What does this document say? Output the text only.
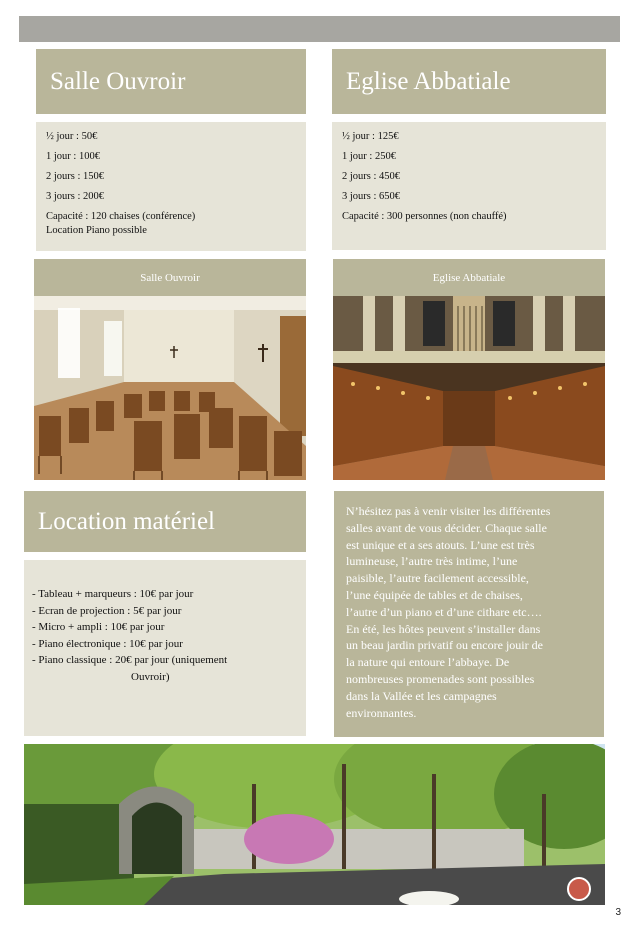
Salle Ouvroir

½ jour : 50€

1 jour : 100€

2 jours : 150€

3 jours : 200€

Capacité : 120 chaises (conférence)

Location Piano possible

Eglise Abbatiale

½ jour : 125€

1 jour : 250€

2 jours : 450€

3 jours : 650€

Capacité : 300 personnes (non chauffé)

Salle Ouvroir	Eglise Abbatiale
Location matériel
- Tableau + marqueurs : 10€ par jour
- Ecran de projection : 5€ par jour
- Micro + ampli : 10€ par jour
- Piano électronique : 10€ par jour
- Piano classique : 20€ par jour (uniquement
Ouvroir)
N’hésitez pas à venir visiter les différentes
salles avant de vous décider. Chaque salle
est unique et a ses atouts. L’une est très
lumineuse, l’autre très intime, l’une
paisible, l’autre facilement accessible,
l’une équipée de tables et de chaises,
l’autre d’un piano et d’une cithare etc….
En été, les hôtes peuvent s’installer dans
un beau jardin privatif ou encore jouir de
la nature qui entoure l’abbaye. De
nombreuses promenades sont possibles
dans la Vallée et les campagnes
environnantes.
3
